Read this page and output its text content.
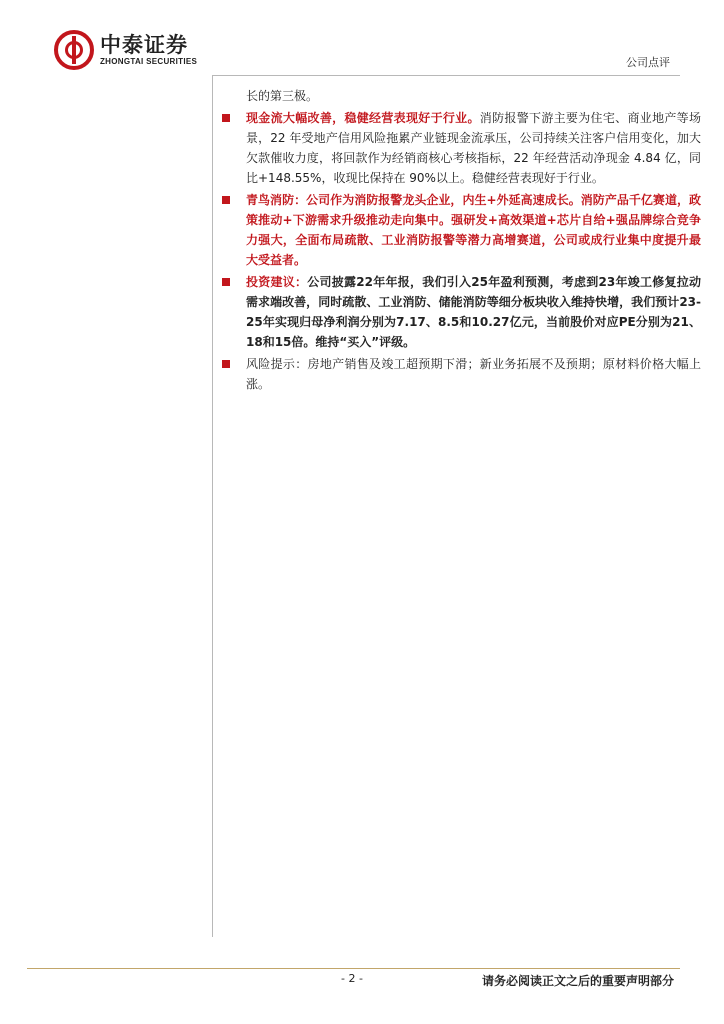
中泰证券
ZHONGTAI SECURITIES	公司点评
长的第三极。
现金流大幅改善，稳健经营表现好于行业。消防报警下游主要为住宅、商业地产等场景，22 年受地产信用风险拖累产业链现金流承压，公司持续关注客户信用变化，加大欠款催收力度，将回款作为经销商核心考核指标，22 年经营活动净现金 4.84 亿，同比+148.55%，收现比保持在 90%以上。稳健经营表现好于行业。
青鸟消防：公司作为消防报警龙头企业，内生+外延高速成长。消防产品千亿赛道，政策推动+下游需求升级推动走向集中。强研发+高效渠道+芯片自给+强品牌综合竞争力强大，全面布局疏散、工业消防报警等潜力高增赛道，公司或成行业集中度提升最大受益者。
投资建议：公司披露22年年报，我们引入25年盈利预测，考虑到23年竣工修复拉动需求端改善，同时疏散、工业消防、储能消防等细分板块收入维持快增，我们预计23-25年实现归母净利润分别为7.17、8.5和10.27亿元，当前股价对应PE分别为21、18和15倍。维持“买入”评级。
风险提示：房地产销售及竣工超预期下滑；新业务拓展不及预期；原材料价格大幅上涨。
- 2 -	请务必阅读正文之后的重要声明部分
